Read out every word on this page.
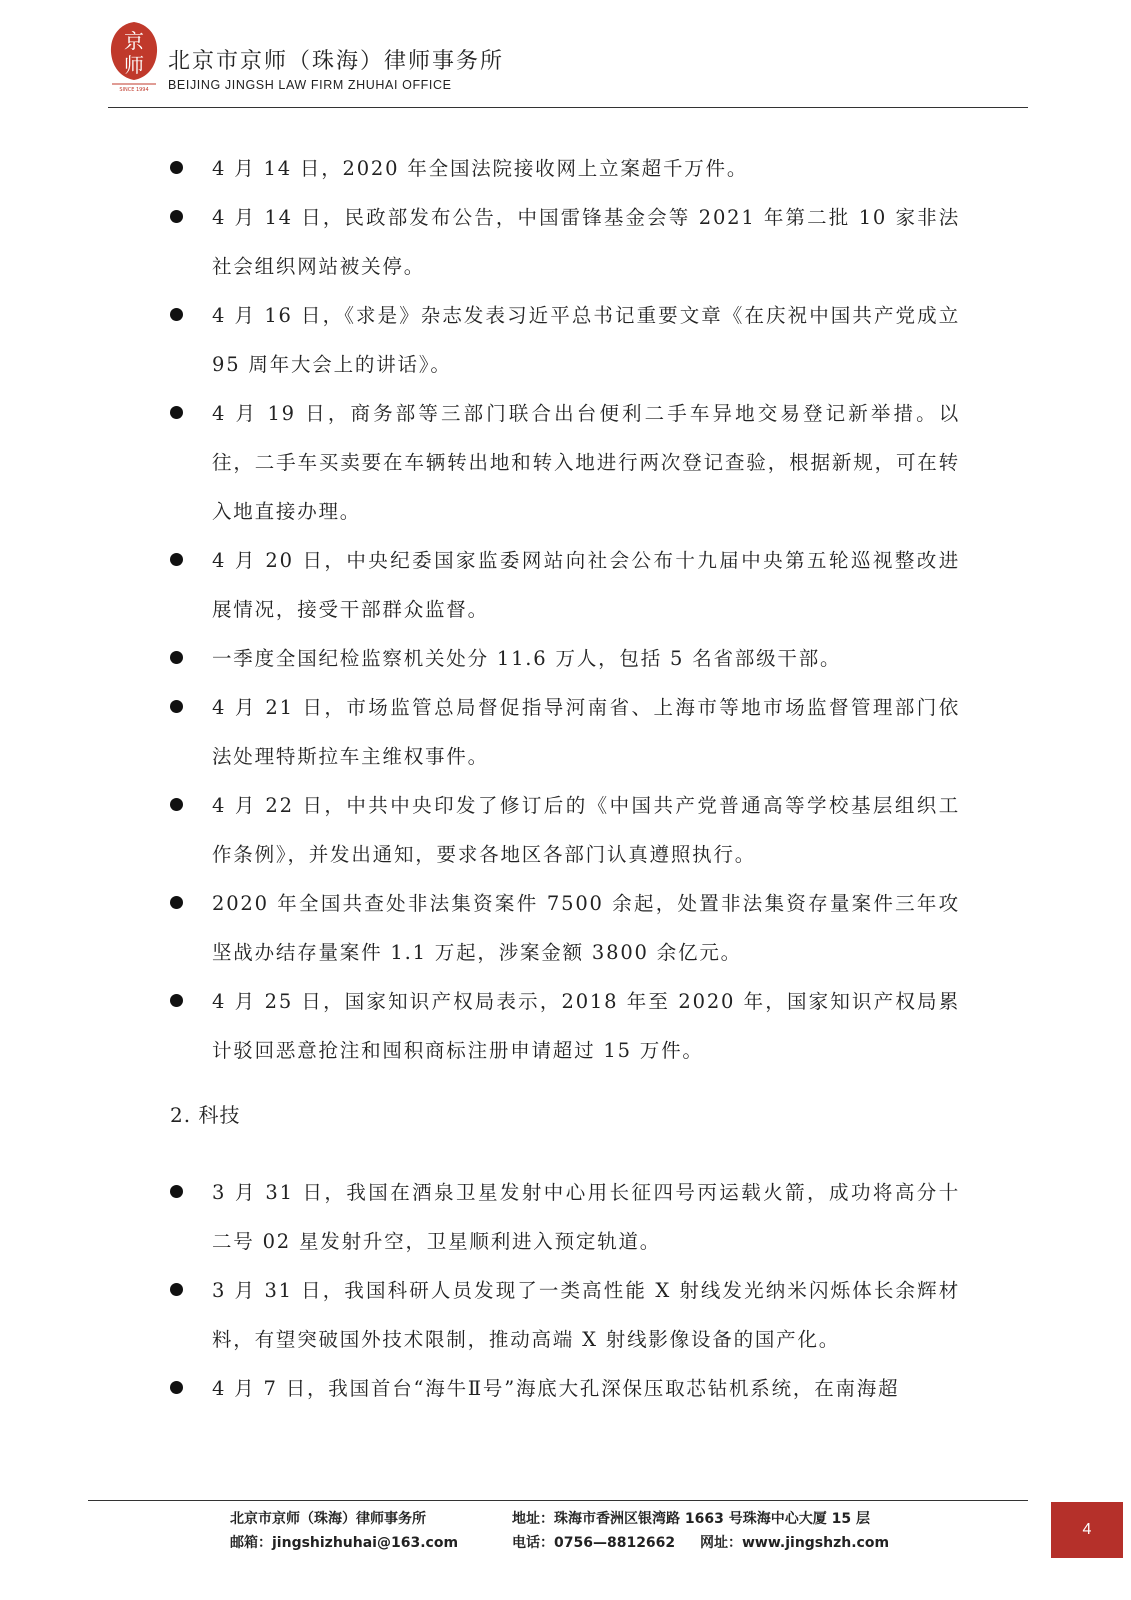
京
师
SINCE 1994
北京市京师（珠海）律师事务所
BEIJING JINGSH LAW FIRM ZHUHAI OFFICE
4 月 14 日，2020 年全国法院接收网上立案超千万件。
4 月 14 日，民政部发布公告，中国雷锋基金会等 2021 年第二批 10 家非法社会组织网站被关停。
4 月 16 日，《求是》杂志发表习近平总书记重要文章《在庆祝中国共产党成立 95 周年大会上的讲话》。
4 月 19 日，商务部等三部门联合出台便利二手车异地交易登记新举措。以往，二手车买卖要在车辆转出地和转入地进行两次登记查验，根据新规，可在转入地直接办理。
4 月 20 日，中央纪委国家监委网站向社会公布十九届中央第五轮巡视整改进展情况，接受干部群众监督。
一季度全国纪检监察机关处分 11.6 万人，包括 5 名省部级干部。
4 月 21 日，市场监管总局督促指导河南省、上海市等地市场监督管理部门依法处理特斯拉车主维权事件。
4 月 22 日，中共中央印发了修订后的《中国共产党普通高等学校基层组织工作条例》，并发出通知，要求各地区各部门认真遵照执行。
2020 年全国共查处非法集资案件 7500 余起，处置非法集资存量案件三年攻坚战办结存量案件 1.1 万起，涉案金额 3800 余亿元。
4 月 25 日，国家知识产权局表示，2018 年至 2020 年，国家知识产权局累计驳回恶意抢注和囤积商标注册申请超过 15 万件。
2. 科技
3 月 31 日，我国在酒泉卫星发射中心用长征四号丙运载火箭，成功将高分十二号 02 星发射升空，卫星顺利进入预定轨道。
3 月 31 日，我国科研人员发现了一类高性能 X 射线发光纳米闪烁体长余辉材料，有望突破国外技术限制，推动高端 X 射线影像设备的国产化。
4 月 7 日，我国首台“海牛Ⅱ号”海底大孔深保压取芯钻机系统，在南海超
北京市京师（珠海）律师事务所	地址：珠海市香洲区银湾路 1663 号珠海中心大厦 15 层
邮箱：jingshizhuhai@163.com	电话：0756—8812662 网址：www.jingshzh.com
4
